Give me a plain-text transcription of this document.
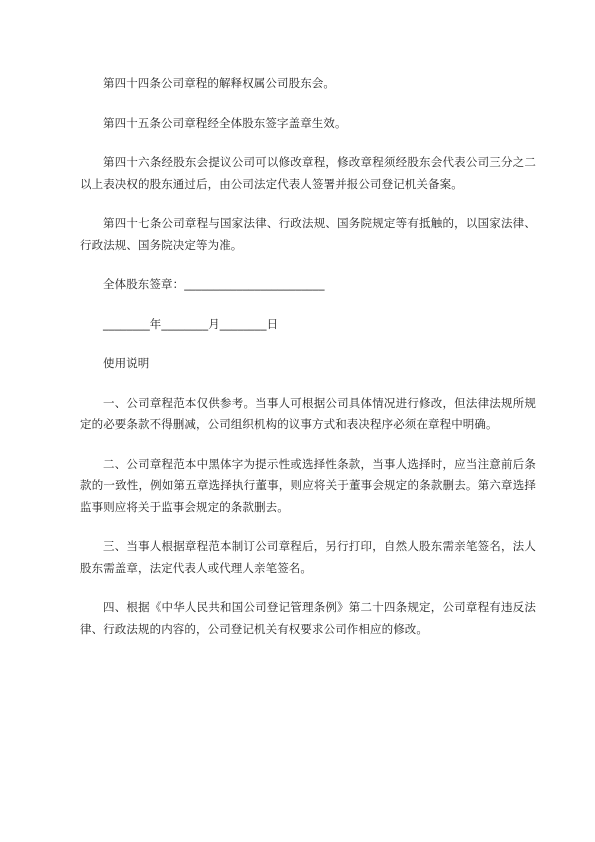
第四十四条公司章程的解释权属公司股东会。

第四十五条公司章程经全体股东签字盖章生效。

第四十六条经股东会提议公司可以修改章程，修改章程须经股东会代表公司三分之二以上表决权的股东通过后，由公司法定代表人签署并报公司登记机关备案。

第四十七条公司章程与国家法律、行政法规、国务院规定等有抵触的，以国家法律、行政法规、国务院决定等为准。

全体股东签章：________________________

________年________月________日

使用说明

一、公司章程范本仅供参考。当事人可根据公司具体情况进行修改，但法律法规所规定的必要条款不得删减，公司组织机构的议事方式和表决程序必须在章程中明确。

二、公司章程范本中黑体字为提示性或选择性条款，当事人选择时，应当注意前后条款的一致性，例如第五章选择执行董事，则应将关于董事会规定的条款删去。第六章选择监事则应将关于监事会规定的条款删去。

三、当事人根据章程范本制订公司章程后，另行打印，自然人股东需亲笔签名，法人股东需盖章，法定代表人或代理人亲笔签名。

四、根据《中华人民共和国公司登记管理条例》第二十四条规定，公司章程有违反法律、行政法规的内容的，公司登记机关有权要求公司作相应的修改。
